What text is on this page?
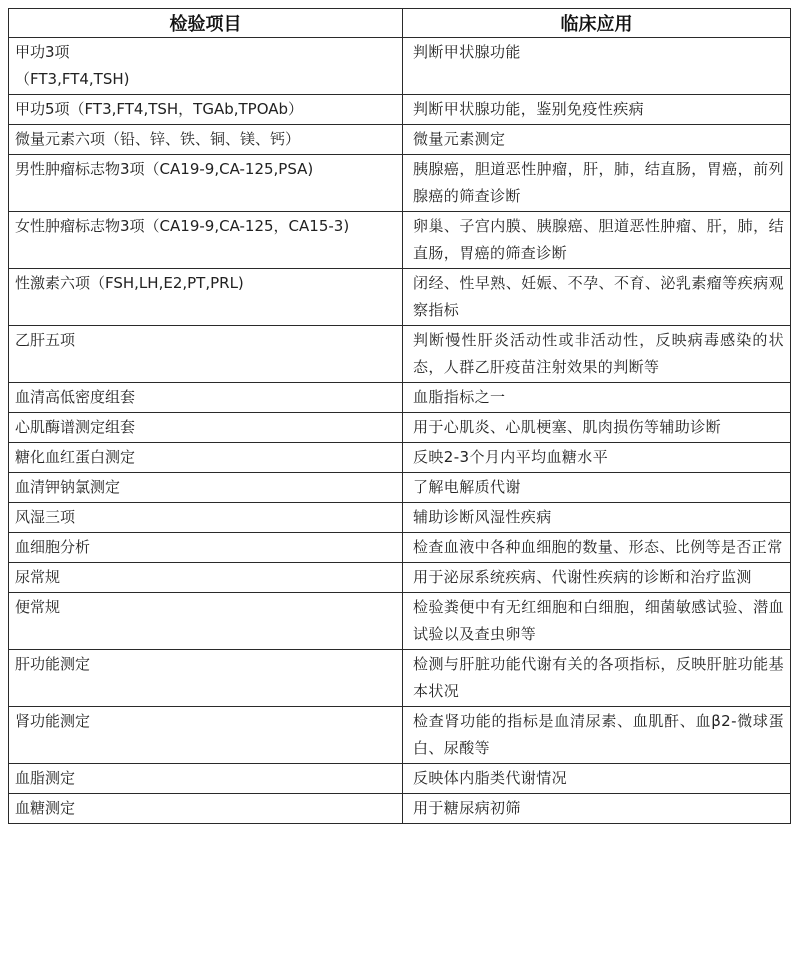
检验项目	临床应用
甲功3项
（FT3,FT4,TSH)	判断甲状腺功能
甲功5项（FT3,FT4,TSH，TGAb,TPOAb）	判断甲状腺功能，鉴别免疫性疾病
微量元素六项（铅、锌、铁、铜、镁、钙）	微量元素测定
男性肿瘤标志物3项（CA19-9,CA-125,PSA)	胰腺癌，胆道恶性肿瘤，肝，肺，结直肠，胃癌，前列腺癌的筛查诊断
女性肿瘤标志物3项（CA19-9,CA-125，CA15-3)	卵巢、子宫内膜、胰腺癌、胆道恶性肿瘤、肝，肺，结直肠，胃癌的筛查诊断
性激素六项（FSH,LH,E2,PT,PRL)	闭经、性早熟、妊娠、不孕、不育、泌乳素瘤等疾病观察指标
乙肝五项	判断慢性肝炎活动性或非活动性，反映病毒感染的状态，人群乙肝疫苗注射效果的判断等
血清高低密度组套	血脂指标之一
心肌酶谱测定组套	用于心肌炎、心肌梗塞、肌肉损伤等辅助诊断
糖化血红蛋白测定	反映2-3个月内平均血糖水平
血清钾钠氯测定	了解电解质代谢
风湿三项	辅助诊断风湿性疾病
血细胞分析	检查血液中各种血细胞的数量、形态、比例等是否正常
尿常规	用于泌尿系统疾病、代谢性疾病的诊断和治疗监测
便常规	检验粪便中有无红细胞和白细胞，细菌敏感试验、潜血试验以及查虫卵等
肝功能测定	检测与肝脏功能代谢有关的各项指标，反映肝脏功能基本状况
肾功能测定	检查肾功能的指标是血清尿素、血肌酐、血β2-微球蛋白、尿酸等
血脂测定	反映体内脂类代谢情况
血糖测定	用于糖尿病初筛
